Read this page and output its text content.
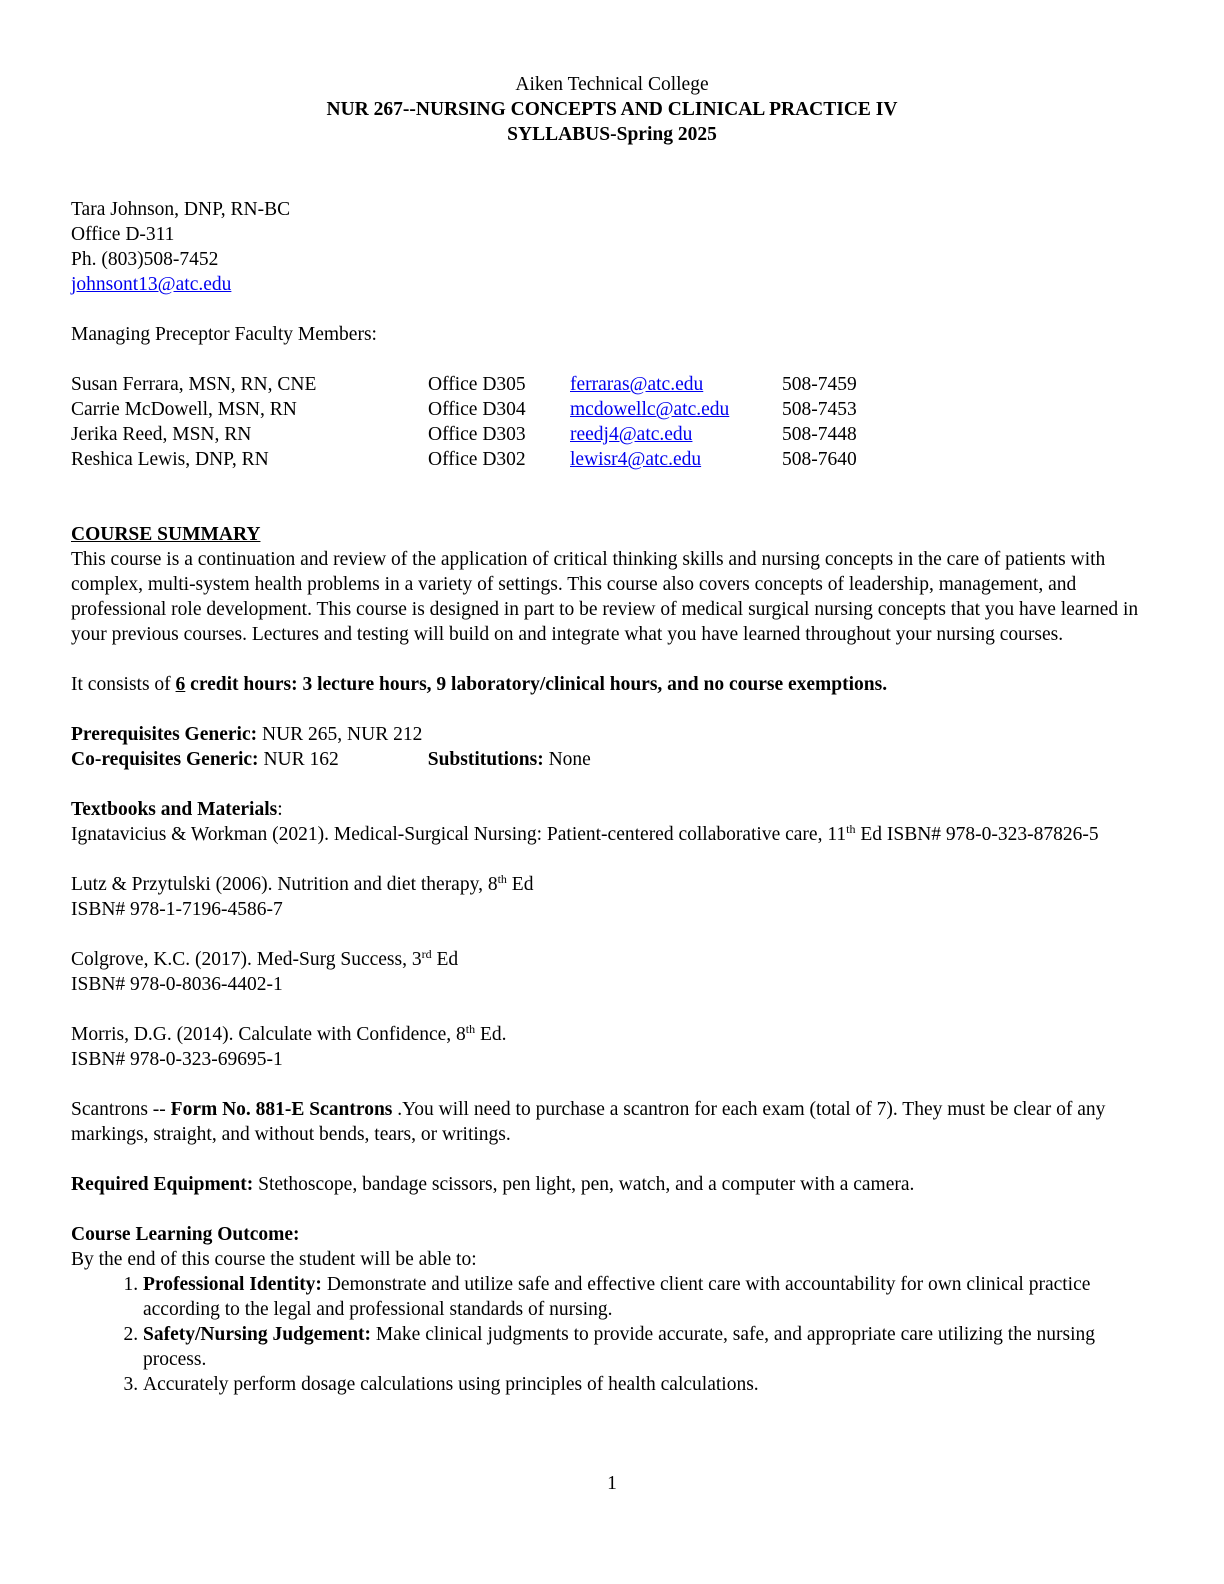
Aiken Technical College
NUR 267--NURSING CONCEPTS AND CLINICAL PRACTICE IV
SYLLABUS-Spring 2025
Tara Johnson, DNP, RN-BC
Office D-311
Ph. (803)508-7452
johnsont13@atc.edu
Managing Preceptor Faculty Members:
Susan Ferrara, MSN, RN, CNE	Office D305	ferraras@atc.edu	508-7459
Carrie McDowell, MSN, RN	Office D304	mcdowellc@atc.edu	508-7453
Jerika Reed, MSN, RN	Office D303	reedj4@atc.edu	508-7448
Reshica Lewis, DNP, RN	Office D302	lewisr4@atc.edu	508-7640
COURSE SUMMARY
This course is a continuation and review of the application of critical thinking skills and nursing concepts in the care of patients with complex, multi-system health problems in a variety of settings. This course also covers concepts of leadership, management, and professional role development. This course is designed in part to be review of medical surgical nursing concepts that you have learned in your previous courses. Lectures and testing will build on and integrate what you have learned throughout your nursing courses.
It consists of 6 credit hours: 3 lecture hours, 9 laboratory/clinical hours, and no course exemptions.
Prerequisites Generic: NUR 265, NUR 212
Co-requisites Generic: NUR 162	Substitutions: None
Textbooks and Materials:
Ignatavicius & Workman (2021). Medical-Surgical Nursing: Patient-centered collaborative care, 11th Ed ISBN# 978-0-323-87826-5
Lutz & Przytulski (2006). Nutrition and diet therapy, 8th Ed
ISBN# 978-1-7196-4586-7
Colgrove, K.C. (2017). Med-Surg Success, 3rd Ed
ISBN# 978-0-8036-4402-1
Morris, D.G. (2014). Calculate with Confidence, 8th Ed.
ISBN# 978-0-323-69695-1
Scantrons -- Form No. 881-E Scantrons .You will need to purchase a scantron for each exam (total of 7). They must be clear of any markings, straight, and without bends, tears, or writings.
Required Equipment: Stethoscope, bandage scissors, pen light, pen, watch, and a computer with a camera.
Course Learning Outcome:
By the end of this course the student will be able to:
1. Professional Identity: Demonstrate and utilize safe and effective client care with accountability for own clinical practice according to the legal and professional standards of nursing.
2. Safety/Nursing Judgement: Make clinical judgments to provide accurate, safe, and appropriate care utilizing the nursing process.
3. Accurately perform dosage calculations using principles of health calculations.
1
